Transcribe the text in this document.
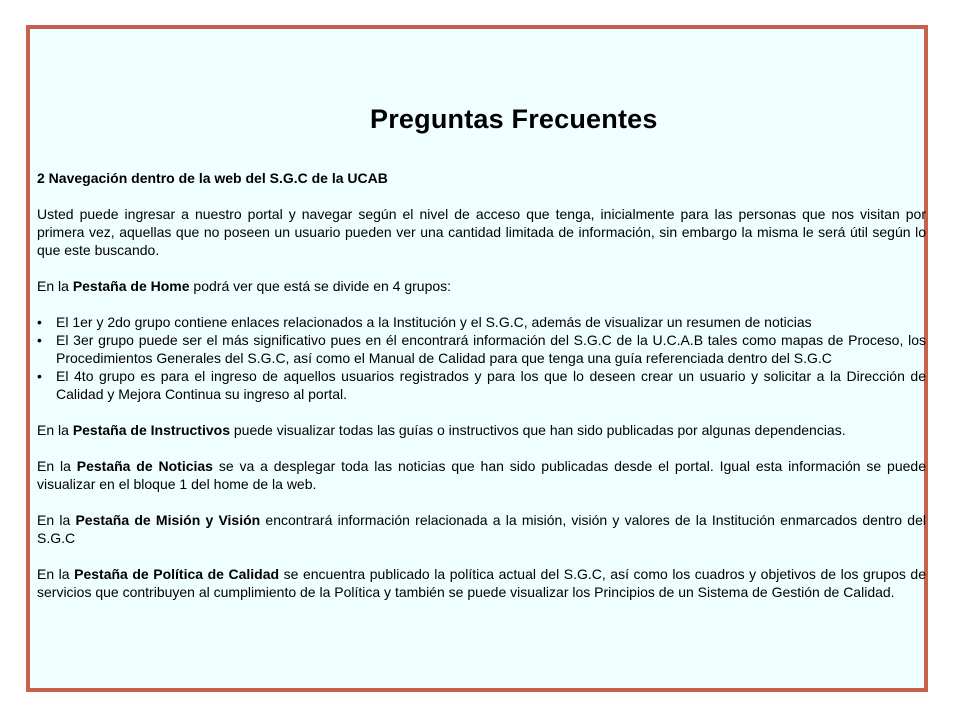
Preguntas Frecuentes

2 Navegación dentro de la web del S.G.C de la UCAB

Usted puede ingresar a nuestro portal y navegar según el nivel de acceso que tenga, inicialmente para las personas que nos visitan por primera vez, aquellas que no poseen un usuario pueden ver una cantidad limitada de información, sin embargo la misma le será útil según lo que este buscando.

En la Pestaña de Home podrá ver que está se divide en 4 grupos:

• El 1er y 2do grupo contiene enlaces relacionados a la Institución y el S.G.C, además de visualizar un resumen de noticias
• El 3er grupo puede ser el más significativo pues en él encontrará información del S.G.C de la U.C.A.B tales como mapas de Proceso, los Procedimientos Generales del S.G.C, así como el Manual de Calidad para que tenga una guía referenciada dentro del S.G.C
• El 4to grupo es para el ingreso de aquellos usuarios registrados y para los que lo deseen crear un usuario y solicitar a la Dirección de Calidad y Mejora Continua su ingreso al portal.

En la Pestaña de Instructivos puede visualizar todas las guías o instructivos que han sido publicadas por algunas dependencias.

En la Pestaña de Noticias se va a desplegar toda las noticias que han sido publicadas desde el portal. Igual esta información se puede visualizar en el bloque 1 del home de la web.

En la Pestaña de Misión y Visión encontrará información relacionada a la misión, visión y valores de la Institución enmarcados dentro del S.G.C

En la Pestaña de Política de Calidad se encuentra publicado la política actual del S.G.C, así como los cuadros y objetivos de los grupos de servicios que contribuyen al cumplimiento de la Política y también se puede visualizar los Principios de un Sistema de Gestión de Calidad.
